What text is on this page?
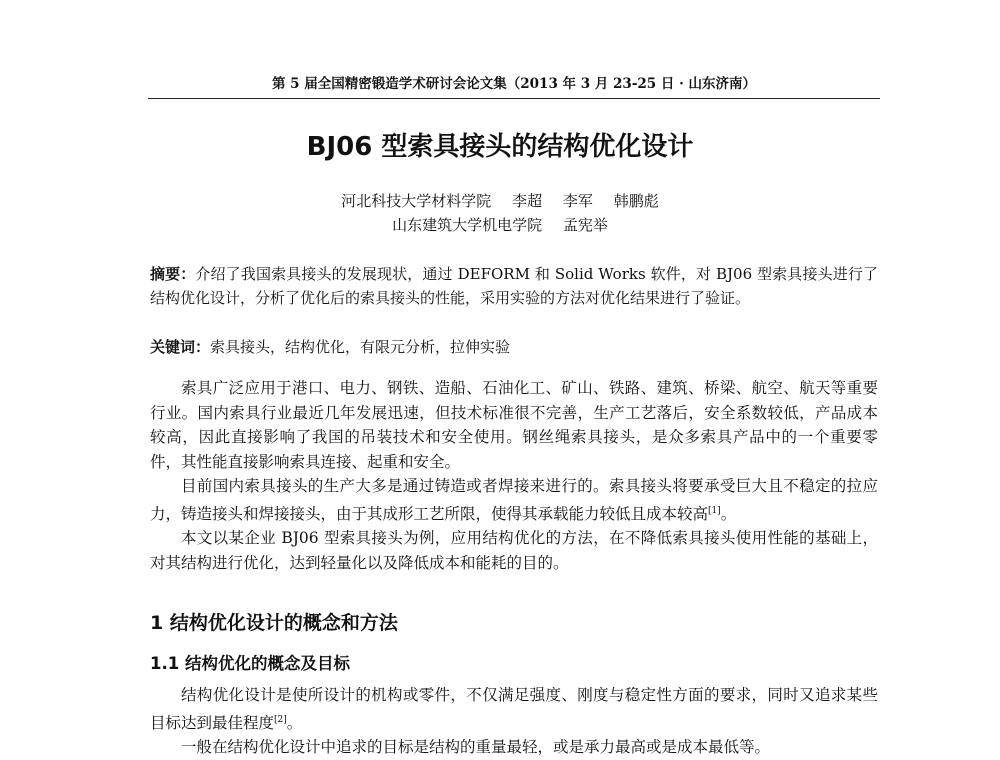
第 5 届全国精密锻造学术研讨会论文集（2013 年 3 月 23-25 日 · 山东济南）
BJ06 型索具接头的结构优化设计
河北科技大学材料学院 李超 李军 韩鹏彪
山东建筑大学机电学院 孟宪举
摘要：介绍了我国索具接头的发展现状，通过 DEFORM 和 Solid Works 软件，对 BJ06 型索具接头进行了结构优化设计，分析了优化后的索具接头的性能，采用实验的方法对优化结果进行了验证。
关键词：索具接头，结构优化，有限元分析，拉伸实验

索具广泛应用于港口、电力、钢铁、造船、石油化工、矿山、铁路、建筑、桥梁、航空、航天等重要行业。国内索具行业最近几年发展迅速，但技术标准很不完善，生产工艺落后，安全系数较低，产品成本较高，因此直接影响了我国的吊装技术和安全使用。钢丝绳索具接头，是众多索具产品中的一个重要零件，其性能直接影响索具连接、起重和安全。

目前国内索具接头的生产大多是通过铸造或者焊接来进行的。索具接头将要承受巨大且不稳定的拉应力，铸造接头和焊接接头，由于其成形工艺所限，使得其承载能力较低且成本较高[1]。

本文以某企业 BJ06 型索具接头为例，应用结构优化的方法，在不降低索具接头使用性能的基础上，对其结构进行优化，达到轻量化以及降低成本和能耗的目的。

1 结构优化设计的概念和方法
1.1 结构优化的概念及目标

结构优化设计是使所设计的机构或零件，不仅满足强度、刚度与稳定性方面的要求，同时又追求某些目标达到最佳程度[2]。

一般在结构优化设计中追求的目标是结构的重量最轻，或是承力最高或是成本最低等。
